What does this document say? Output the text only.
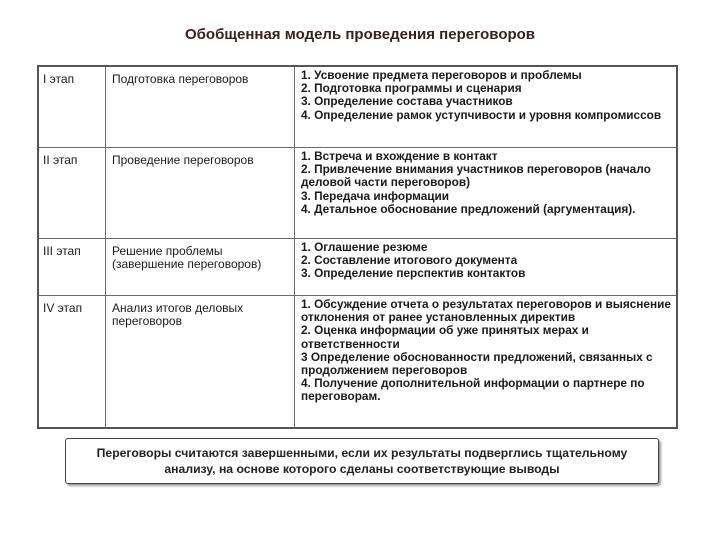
Обобщенная модель проведения переговоров
I этап	Подготовка переговоров	1. Усвоение предмета переговоров и проблемы
2. Подготовка программы и сценария
3. Определение состава участников
4. Определение рамок уступчивости и уровня компромиссов

II этап	Проведение переговоров	1. Встреча и вхождение в контакт
2. Привлечение внимания участников переговоров (начало деловой части переговоров)
3. Передача информации
4. Детальное обоснование предложений (аргументация).

III этап	Решение проблемы (завершение переговоров)	1. Оглашение резюме
2. Составление итогового документа
3. Определение перспектив контактов

IV этап	Анализ итогов деловых переговоров	1. Обсуждение отчета о результатах переговоров и выяснение отклонения от ранее установленных директив
2. Оценка информации об уже принятых мерах и ответственности
3 Определение обоснованности предложений, связанных с продолжением переговоров
4. Получение дополнительной информации о партнере по переговорам.
Переговоры считаются завершенными, если их результаты подверглись тщательному анализу, на основе которого сделаны соответствующие выводы
